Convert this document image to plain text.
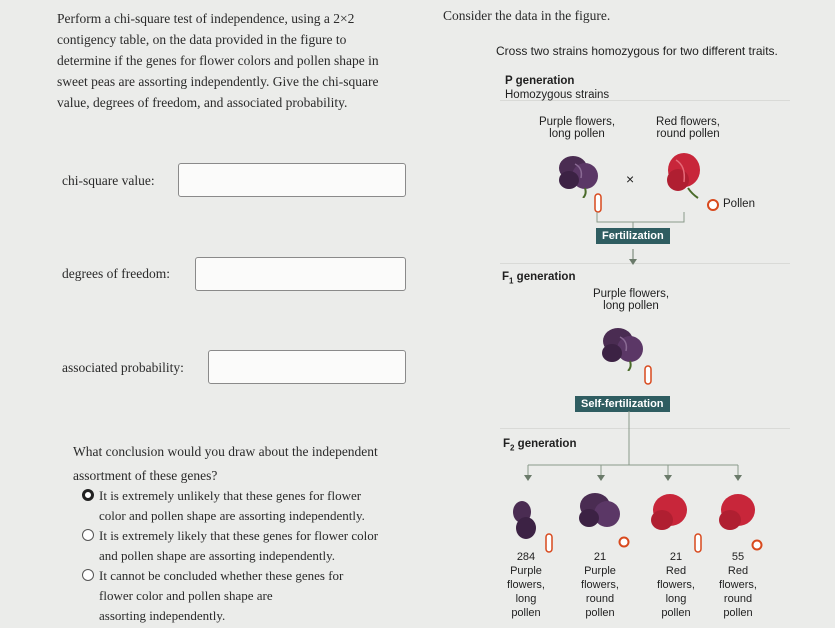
Perform a chi-square test of independence, using a 2×2
contigency table, on the data provided in the figure to
determine if the genes for flower colors and pollen shape in
sweet peas are assorting independently. Give the chi-square
value, degrees of freedom, and associated probability.
chi-square value:
degrees of freedom:
associated probability:
What conclusion would you draw about the independent
assortment of these genes?
It is extremely unlikely that these genes for flower
color and pollen shape are assorting independently.
It is extremely likely that these genes for flower color
and pollen shape are assorting independently.
It cannot be concluded whether these genes for
flower color and pollen shape are
assorting independently.
Consider the data in the figure.
Cross two strains homozygous for two different traits.
P generation
Homozygous strains
Purple flowers,
long pollen
Red flowers,
round pollen
×
Pollen
Fertilization
$F_1$ generation
Purple flowers,
long pollen
Self-fertilization
$F_2$ generation
284
Purple
flowers,
long
pollen
21
Purple
flowers,
round
pollen
21
Red
flowers,
long
pollen
55
Red
flowers,
round
pollen
